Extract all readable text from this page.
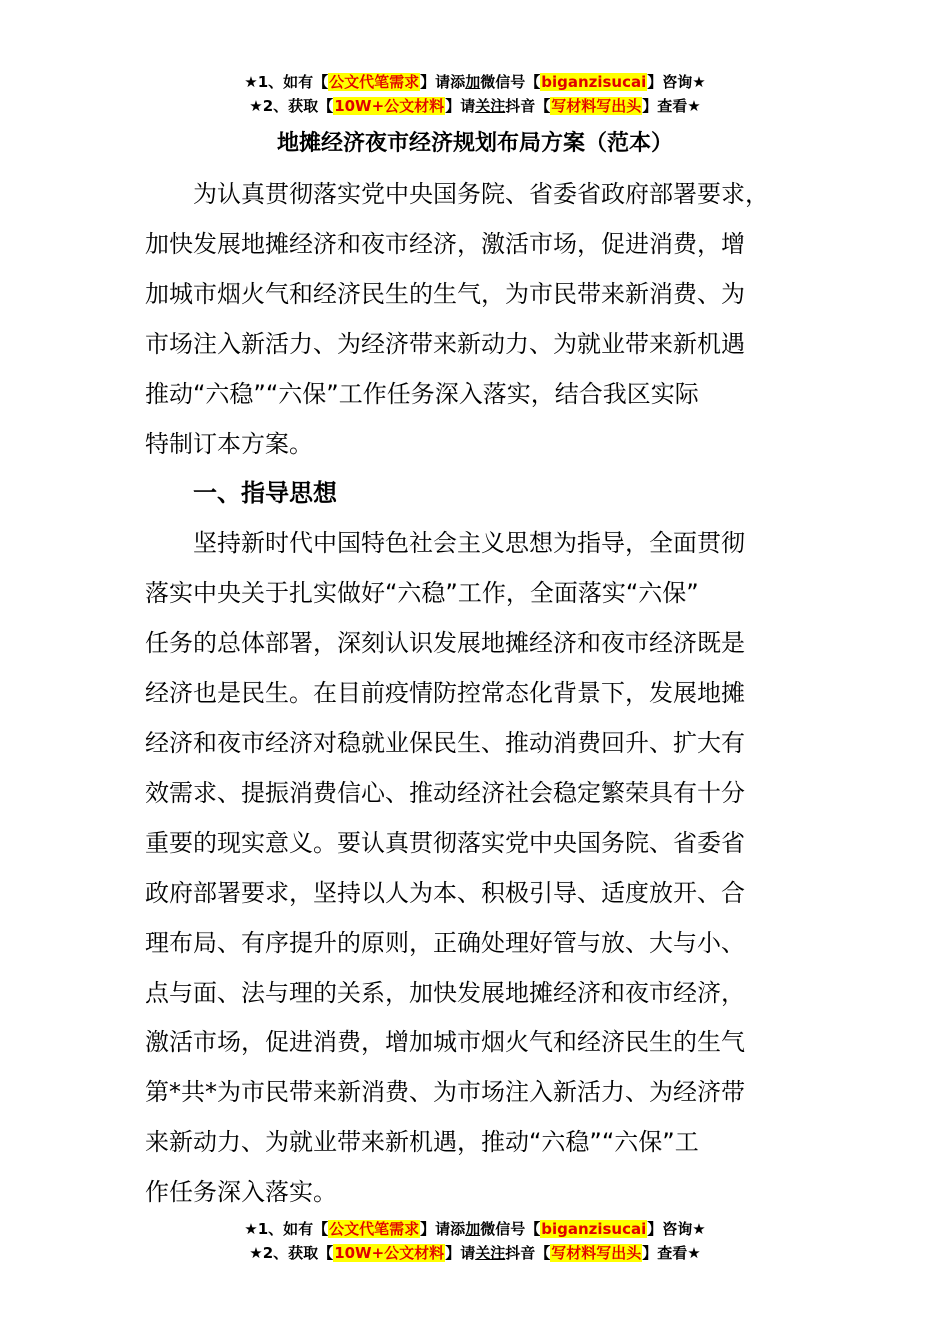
★1、如有【公文代笔需求】请添加微信号【biganzisucai】咨询★
★2、获取【10W+公文材料】请关注抖音【写材料写出头】查看★
地摊经济夜市经济规划布局方案（范本）
为认真贯彻落实党中央国务院、省委省政府部署要求，
加快发展地摊经济和夜市经济，激活市场，促进消费，增
加城市烟火气和经济民生的生气，为市民带来新消费、为
市场注入新活力、为经济带来新动力、为就业带来新机遇
推动“六稳”“六保”工作任务深入落实，结合我区实际
特制订本方案。
一、指导思想
坚持新时代中国特色社会主义思想为指导，全面贯彻
落实中央关于扎实做好“六稳”工作，全面落实“六保”
任务的总体部署，深刻认识发展地摊经济和夜市经济既是
经济也是民生。在目前疫情防控常态化背景下，发展地摊
经济和夜市经济对稳就业保民生、推动消费回升、扩大有
效需求、提振消费信心、推动经济社会稳定繁荣具有十分
重要的现实意义。要认真贯彻落实党中央国务院、省委省
政府部署要求，坚持以人为本、积极引导、适度放开、合
理布局、有序提升的原则，正确处理好管与放、大与小、
点与面、法与理的关系，加快发展地摊经济和夜市经济，
激活市场，促进消费，增加城市烟火气和经济民生的生气
第*共*为市民带来新消费、为市场注入新活力、为经济带
来新动力、为就业带来新机遇，推动“六稳”“六保”工
作任务深入落实。
★1、如有【公文代笔需求】请添加微信号【biganzisucai】咨询★
★2、获取【10W+公文材料】请关注抖音【写材料写出头】查看★
